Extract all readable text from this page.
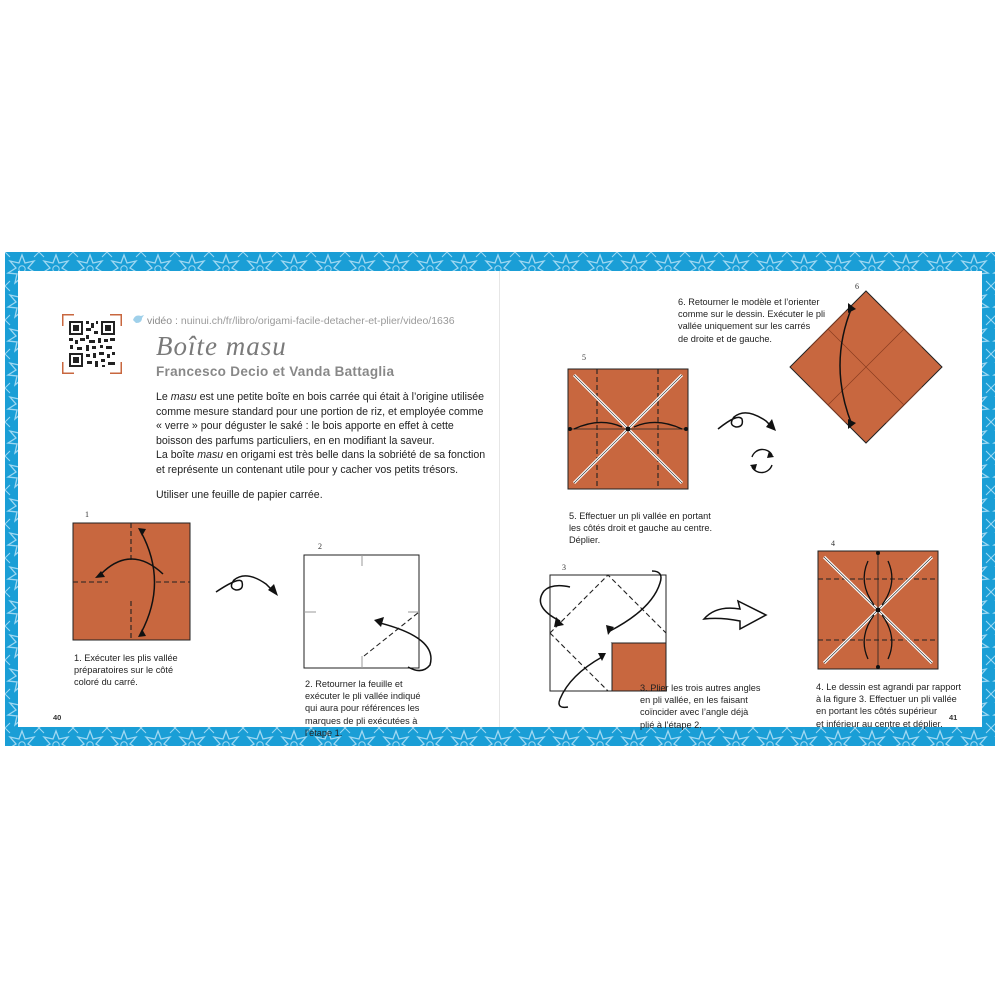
vidéo : nuinui.ch/fr/libro/origami-facile-detacher-et-plier/video/1636
Boîte masu
Francesco Decio et Vanda Battaglia

Le masu est une petite boîte en bois carrée qui était à l’origine utilisée comme mesure standard pour une portion de riz, et employée comme « verre » pour déguster le saké : le bois apporte en effet à cette boisson des parfums particuliers, en en modifiant la saveur.

La boîte masu en origami est très belle dans la sobriété de sa fonction et représente un contenant utile pour y cacher vos petits trésors.

Utiliser une feuille de papier carrée.
1
1. Exécuter les plis vallée
préparatoires sur le côté
coloré du carré.
2
2. Retourner la feuille et
exécuter le pli vallée indiqué
qui aura pour références les
marques de pli exécutées à
l’étape 1.
40
5
5. Effectuer un pli vallée en portant
les côtés droit et gauche au centre.
Déplier.
6
6. Retourner le modèle et l’orienter
comme sur le dessin. Exécuter le pli
vallée uniquement sur les carrés
de droite et de gauche.
3
3. Plier les trois autres angles
en pli vallée, en les faisant
coïncider avec l’angle déjà
plié à l’étape 2.
4
4. Le dessin est agrandi par rapport
à la figure 3. Effectuer un pli vallée
en portant les côtés supérieur
et inférieur au centre et déplier.
41
